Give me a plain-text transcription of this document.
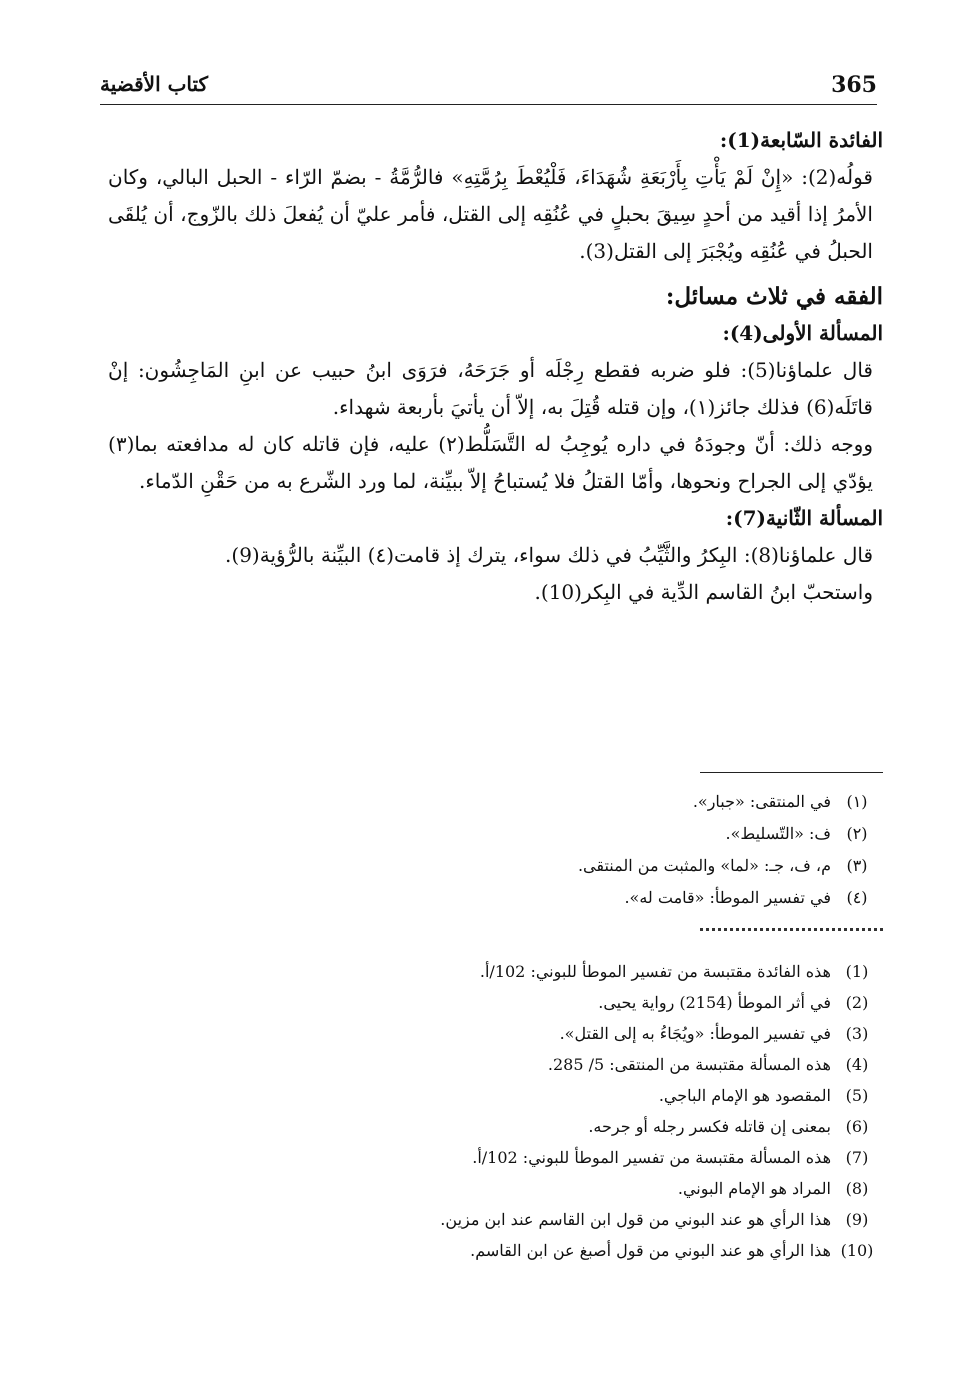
365
كتاب الأقضية

الفائدة السّابعة(1):

قولُه(2): «إِنْ لَمْ يَأْتِ بِأَرْبَعَةِ شُهَدَاءَ، فَلْيُعْطَ بِرُمَّتِهِ» فالرُّمَّةُ - بضمّ الرّاء - الحبل البالي، وكان الأمرُ إذا أقيد من أحدٍ سِيقَ بحبلٍ في عُنُقِه إلى القتل، فأمر عليّ أن يُفعلَ ذلك بالزّوج، أن يُلقَى الحبلُ في عُنُقِه ويُجْبَرَ إلى القتل(3).

الفقه في ثلاث مسائل:

المسألة الأولى(4):

قال علماؤنا(5): فلو ضربه فقطع رِجْلَه أو جَرَحَهُ، فرَوَى ابنُ حبيب عن ابنِ المَاجِشُون: إنْ قاتَلَه(6) فذلك جائز(١)، وإن قتله قُتِلَ به، إلاّ أن يأتيَ بأربعة شهداء.

ووجه ذلك: أنّ وجودَهُ في داره يُوجِبُ له التَّسَلُّط(٢) عليه، فإن قاتله كان له مدافعته بما(٣) يؤدّي إلى الجراح ونحوها، وأمّا القتلُ فلا يُستباحُ إلاّ ببيِّنة، لما ورد الشّرع به من حَقْنِ الدّماء.

المسألة الثّانية(7):

قال علماؤنا(8): البِكرُ والثَّيِّبُ في ذلك سواء، يترك إذ قامت(٤) البيِّنة بالرُّؤية(9).

واستحبّ ابنُ القاسم الدِّية في البِكر(10).

(١)
في المنتقى: «جبار».
(٢)
ف: «التّسليط».
(٣)
م، ف، جـ: «لما» والمثبت من المنتقى.
(٤)
في تفسير الموطأ: «قامت له».
(1)
هذه الفائدة مقتبسة من تفسير الموطأ للبوني: 102/أ.
(2)
في أثر الموطأ (2154) رواية يحيى.
(3)
في تفسير الموطأ: «ويُجَاءُ به إلى القتل».
(4)
هذه المسألة مقتبسة من المنتقى: 5/ 285.
(5)
المقصود هو الإمام الباجي.
(6)
بمعنى إن قاتله فكسر رجله أو جرحه.
(7)
هذه المسألة مقتبسة من تفسير الموطأ للبوني: 102/أ.
(8)
المراد هو الإمام البوني.
(9)
هذا الرأي هو عند البوني من قول ابن القاسم عند ابن مزين.
(10)
هذا الرأي هو عند البوني من قول أصبغ عن ابن القاسم.
